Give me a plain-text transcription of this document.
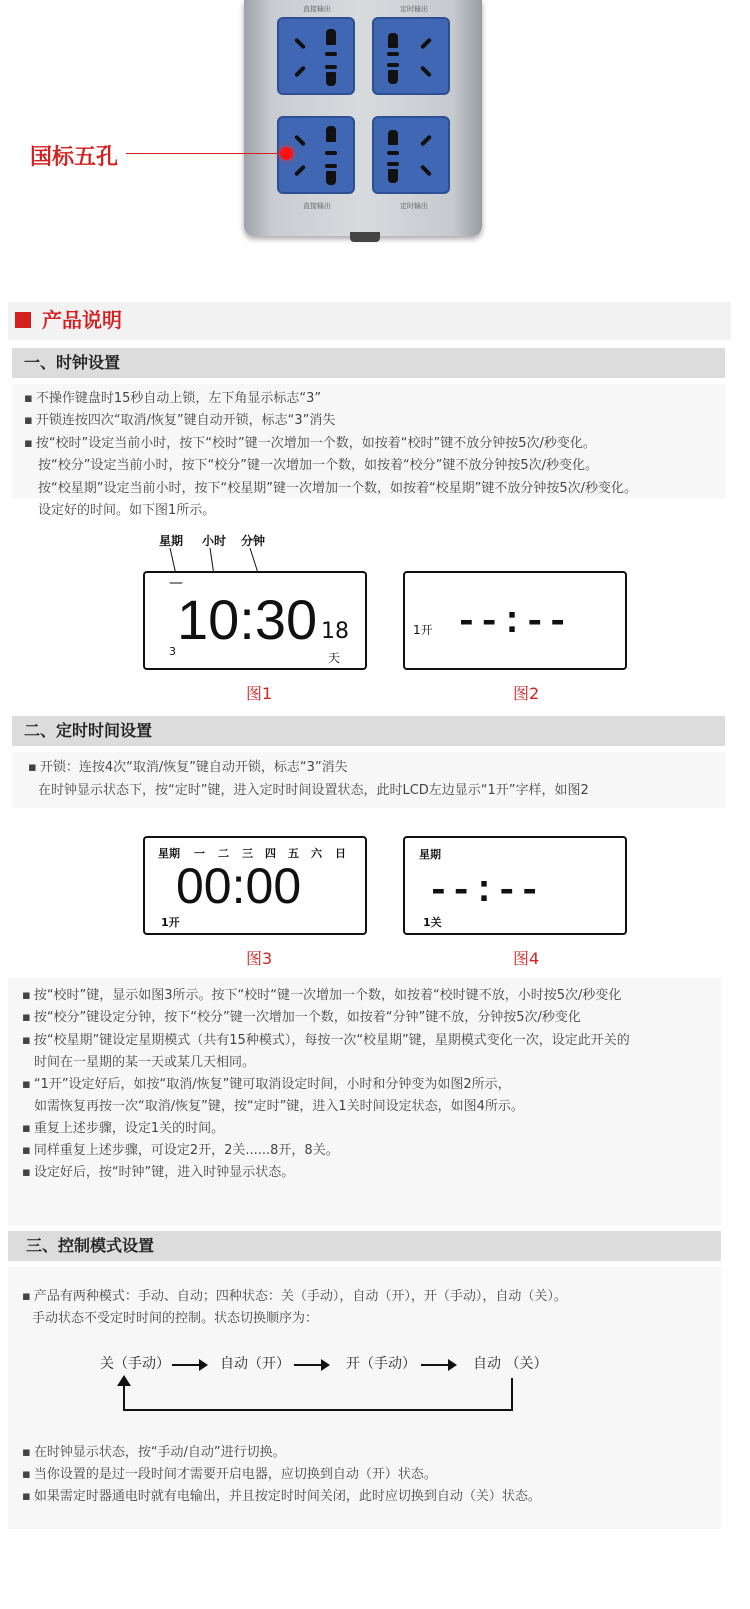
直接输出	定时输出
直接输出	定时输出
国标五孔
产品说明
一、时钟设置
▪ 不操作键盘时15秒自动上锁，左下角显示标志“3”
▪ 开锁连按四次“取消/恢复”键自动开锁，标志“3”消失
▪ 按“校时”设定当前小时，按下“校时”键一次增加一个数，如按着“校时”键不放分钟按5次/秒变化。
按“校分”设定当前小时，按下“校分”键一次增加一个数，如按着“校分”键不放分钟按5次/秒变化。
按“校星期”设定当前小时，按下“校星期”键一次增加一个数，如按着“校星期”键不放分钟按5次/秒变化。
设定好的时间。如下图1所示。
星期 小时 分钟
—
10:30 18
天
3
图1
1开 --:--
图2
二、定时时间设置
▪ 开锁：连按4次“取消/恢复”键自动开锁，标志“3”消失
在时钟显示状态下，按“定时”键，进入定时时间设置状态，此时LCD左边显示“1开”字样，如图2
星期 一 二 三 四 五 六 日
00:00
1开
图3
星期
--:--
1关
图4
▪ 按“校时”键，显示如图3所示。按下“校时“键一次增加一个数，如按着“校时键不放，小时按5次/秒变化
▪ 按“校分”键设定分钟，按下“校分”键一次增加一个数，如按着“分钟”键不放，分钟按5次/秒变化
▪ 按“校星期”键设定星期模式（共有15种模式），每按一次“校星期”键，星期模式变化一次，设定此开关的
时间在一星期的某一天或某几天相同。
▪ “1开”设定好后，如按“取消/恢复”键可取消设定时间，小时和分钟变为如图2所示，
如需恢复再按一次“取消/恢复”键，按“定时”键，进入1关时间设定状态，如图4所示。
▪ 重复上述步骤，设定1关的时间。
▪ 同样重复上述步骤，可设定2开，2关......8开，8关。
▪ 设定好后，按“时钟”键，进入时钟显示状态。
三、控制模式设置
▪ 产品有两种模式：手动、自动；四种状态：关（手动），自动（开），开（手动），自动（关）。
手动状态不受定时时间的控制。状态切换顺序为：
关（手动）	自动（开）	开（手动）	自动 （关）
▪ 在时钟显示状态，按“手动/自动”进行切换。
▪ 当你设置的是过一段时间才需要开启电器，应切换到自动（开）状态。
▪ 如果需定时器通电时就有电输出，并且按定时时间关闭，此时应切换到自动（关）状态。
